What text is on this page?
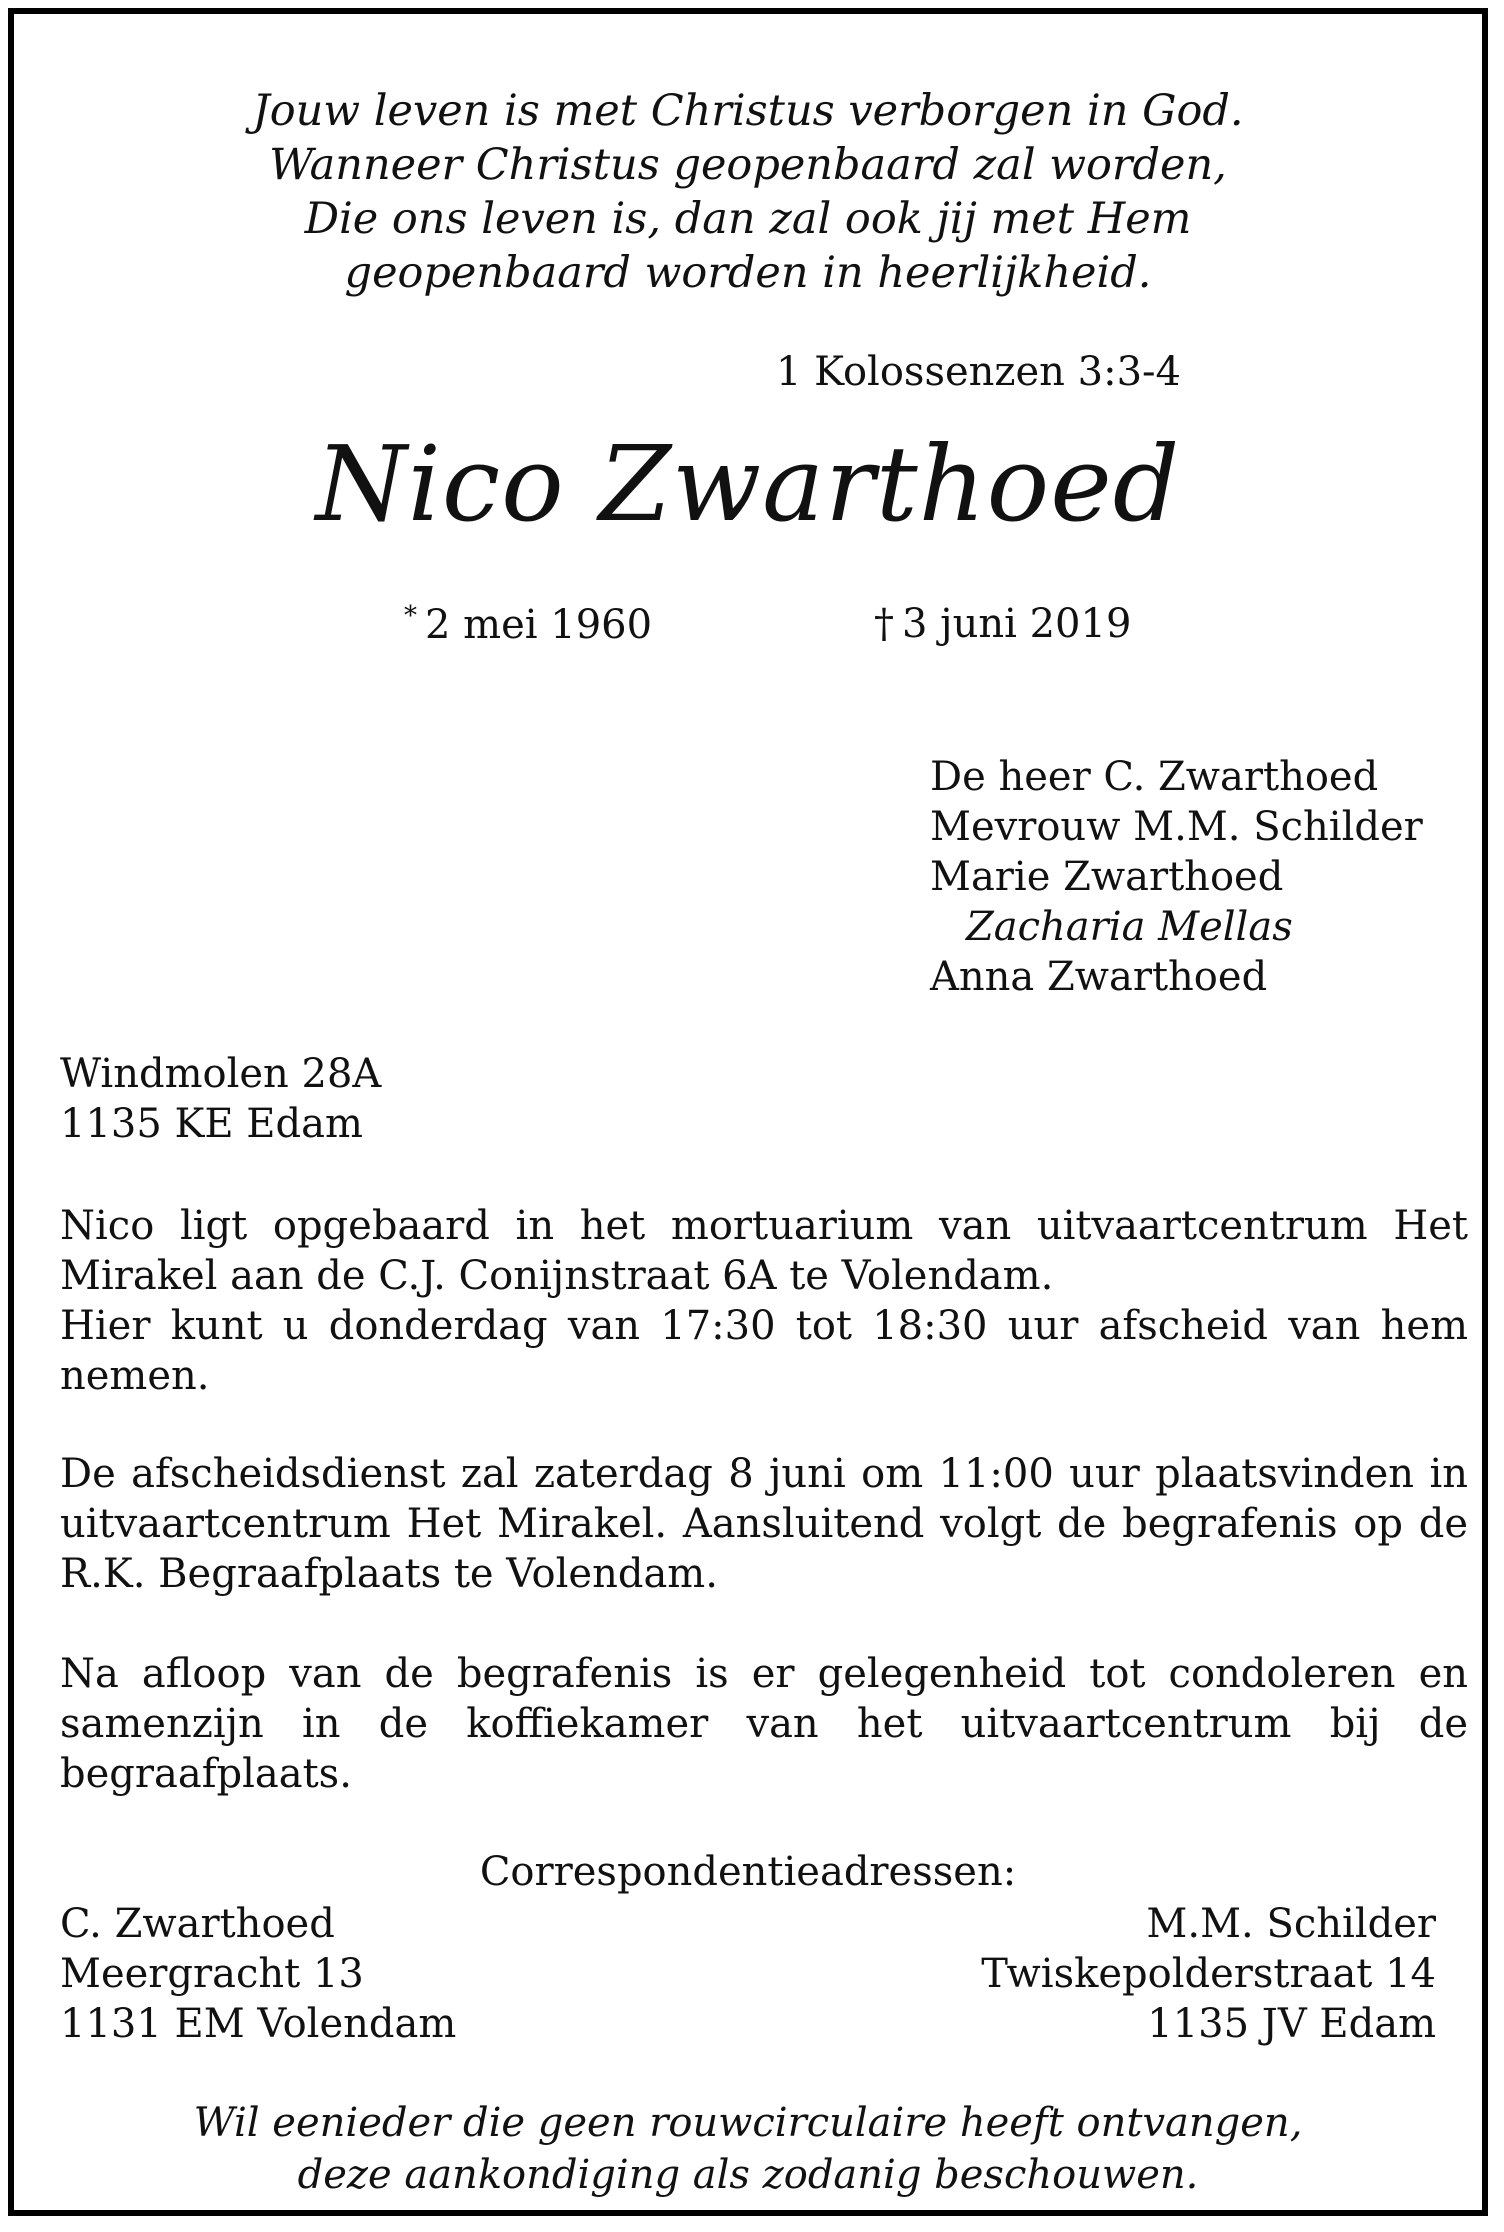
Jouw leven is met Christus verborgen in God.
Wanneer Christus geopenbaard zal worden,
Die ons leven is, dan zal ook jij met Hem
geopenbaard worden in heerlijkheid.
1 Kolossenzen 3:3-4
Nico Zwarthoed
* 2 mei 1960	† 3 juni 2019
De heer C. Zwarthoed
Mevrouw M.M. Schilder
Marie Zwarthoed
Zacharia Mellas
Anna Zwarthoed
Windmolen 28A
1135 KE Edam
Nico ligt opgebaard in het mortuarium van uitvaartcentrum Het Mirakel aan de C.J. Conijnstraat 6A te Volendam.
Hier kunt u donderdag van 17:30 tot 18:30 uur afscheid van hem nemen.
De afscheidsdienst zal zaterdag 8 juni om 11:00 uur plaatsvinden in uitvaartcentrum Het Mirakel. Aansluitend volgt de begrafenis op de R.K. Begraafplaats te Volendam.
Na afloop van de begrafenis is er gelegenheid tot condoleren en samenzijn in de koffiekamer van het uitvaartcentrum bij de begraafplaats.
Correspondentieadressen:
C. Zwarthoed
Meergracht 13
1131 EM Volendam
M.M. Schilder
Twiskepolderstraat 14
1135 JV Edam
Wil eenieder die geen rouwcirculaire heeft ontvangen,
deze aankondiging als zodanig beschouwen.
